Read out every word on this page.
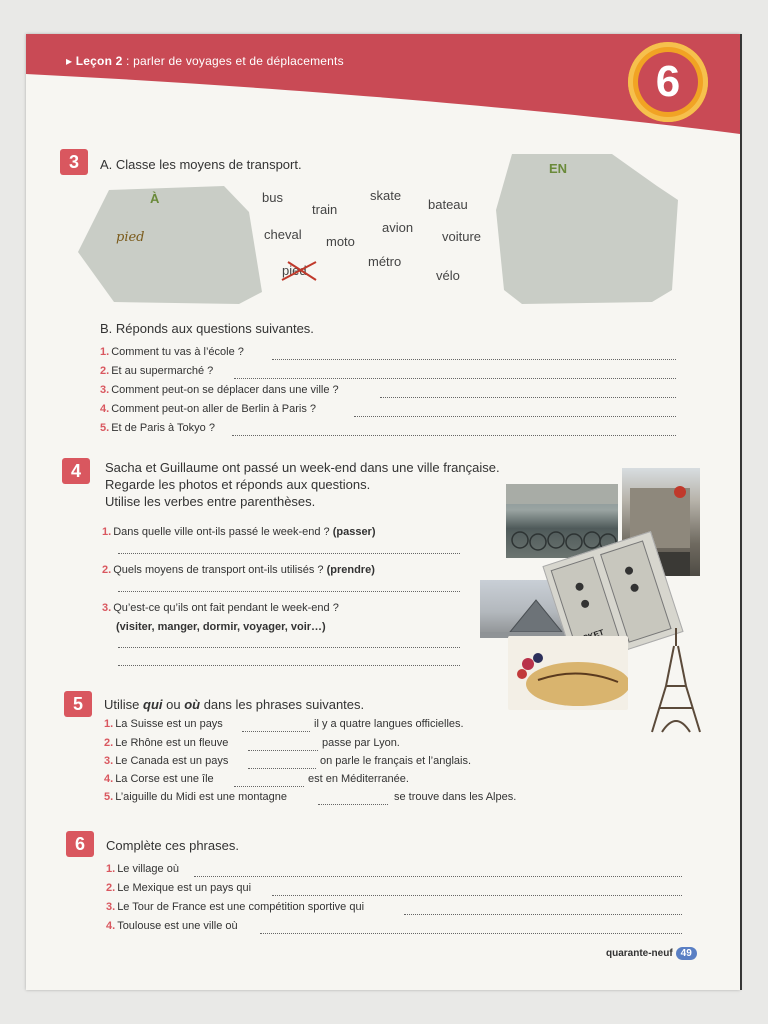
▸ Leçon 2 : parler de voyages et de déplacements	6
3	A. Classe les moyens de transport.
À
pied
EN
bus
train
skate
bateau
cheval moto
avion
voiture
pied
métro
vélo
B. Réponds aux questions suivantes.
1. Comment tu vas à l’école ?
2. Et au supermarché ?
3. Comment peut-on se déplacer dans une ville ?
4. Comment peut-on aller de Berlin à Paris ?
5. Et de Paris à Tokyo ?
4	Sacha et Guillaume ont passé un week-end dans une ville française.
Regarde les photos et réponds aux questions.
Utilise les verbes entre parenthèses.
1. Dans quelle ville ont-ils passé le week-end ? (passer)
2. Quels moyens de transport ont-ils utilisés ? (prendre)
3. Qu’est-ce qu’ils ont fait pendant le week-end ?
(visiter, manger, dormir, voyager, voir…)
5	Utilise qui ou où dans les phrases suivantes.
1. La Suisse est un pays	il y a quatre langues officielles.
2. Le Rhône est un fleuve	passe par Lyon.
3. Le Canada est un pays	on parle le français et l’anglais.
4. La Corse est une île	est en Méditerranée.
5. L’aiguille du Midi est une montagne	se trouve dans les Alpes.
6	Complète ces phrases.
1. Le village où
2. Le Mexique est un pays qui
3. Le Tour de France est une compétition sportive qui
4. Toulouse est une ville où
quarante-neuf 49
